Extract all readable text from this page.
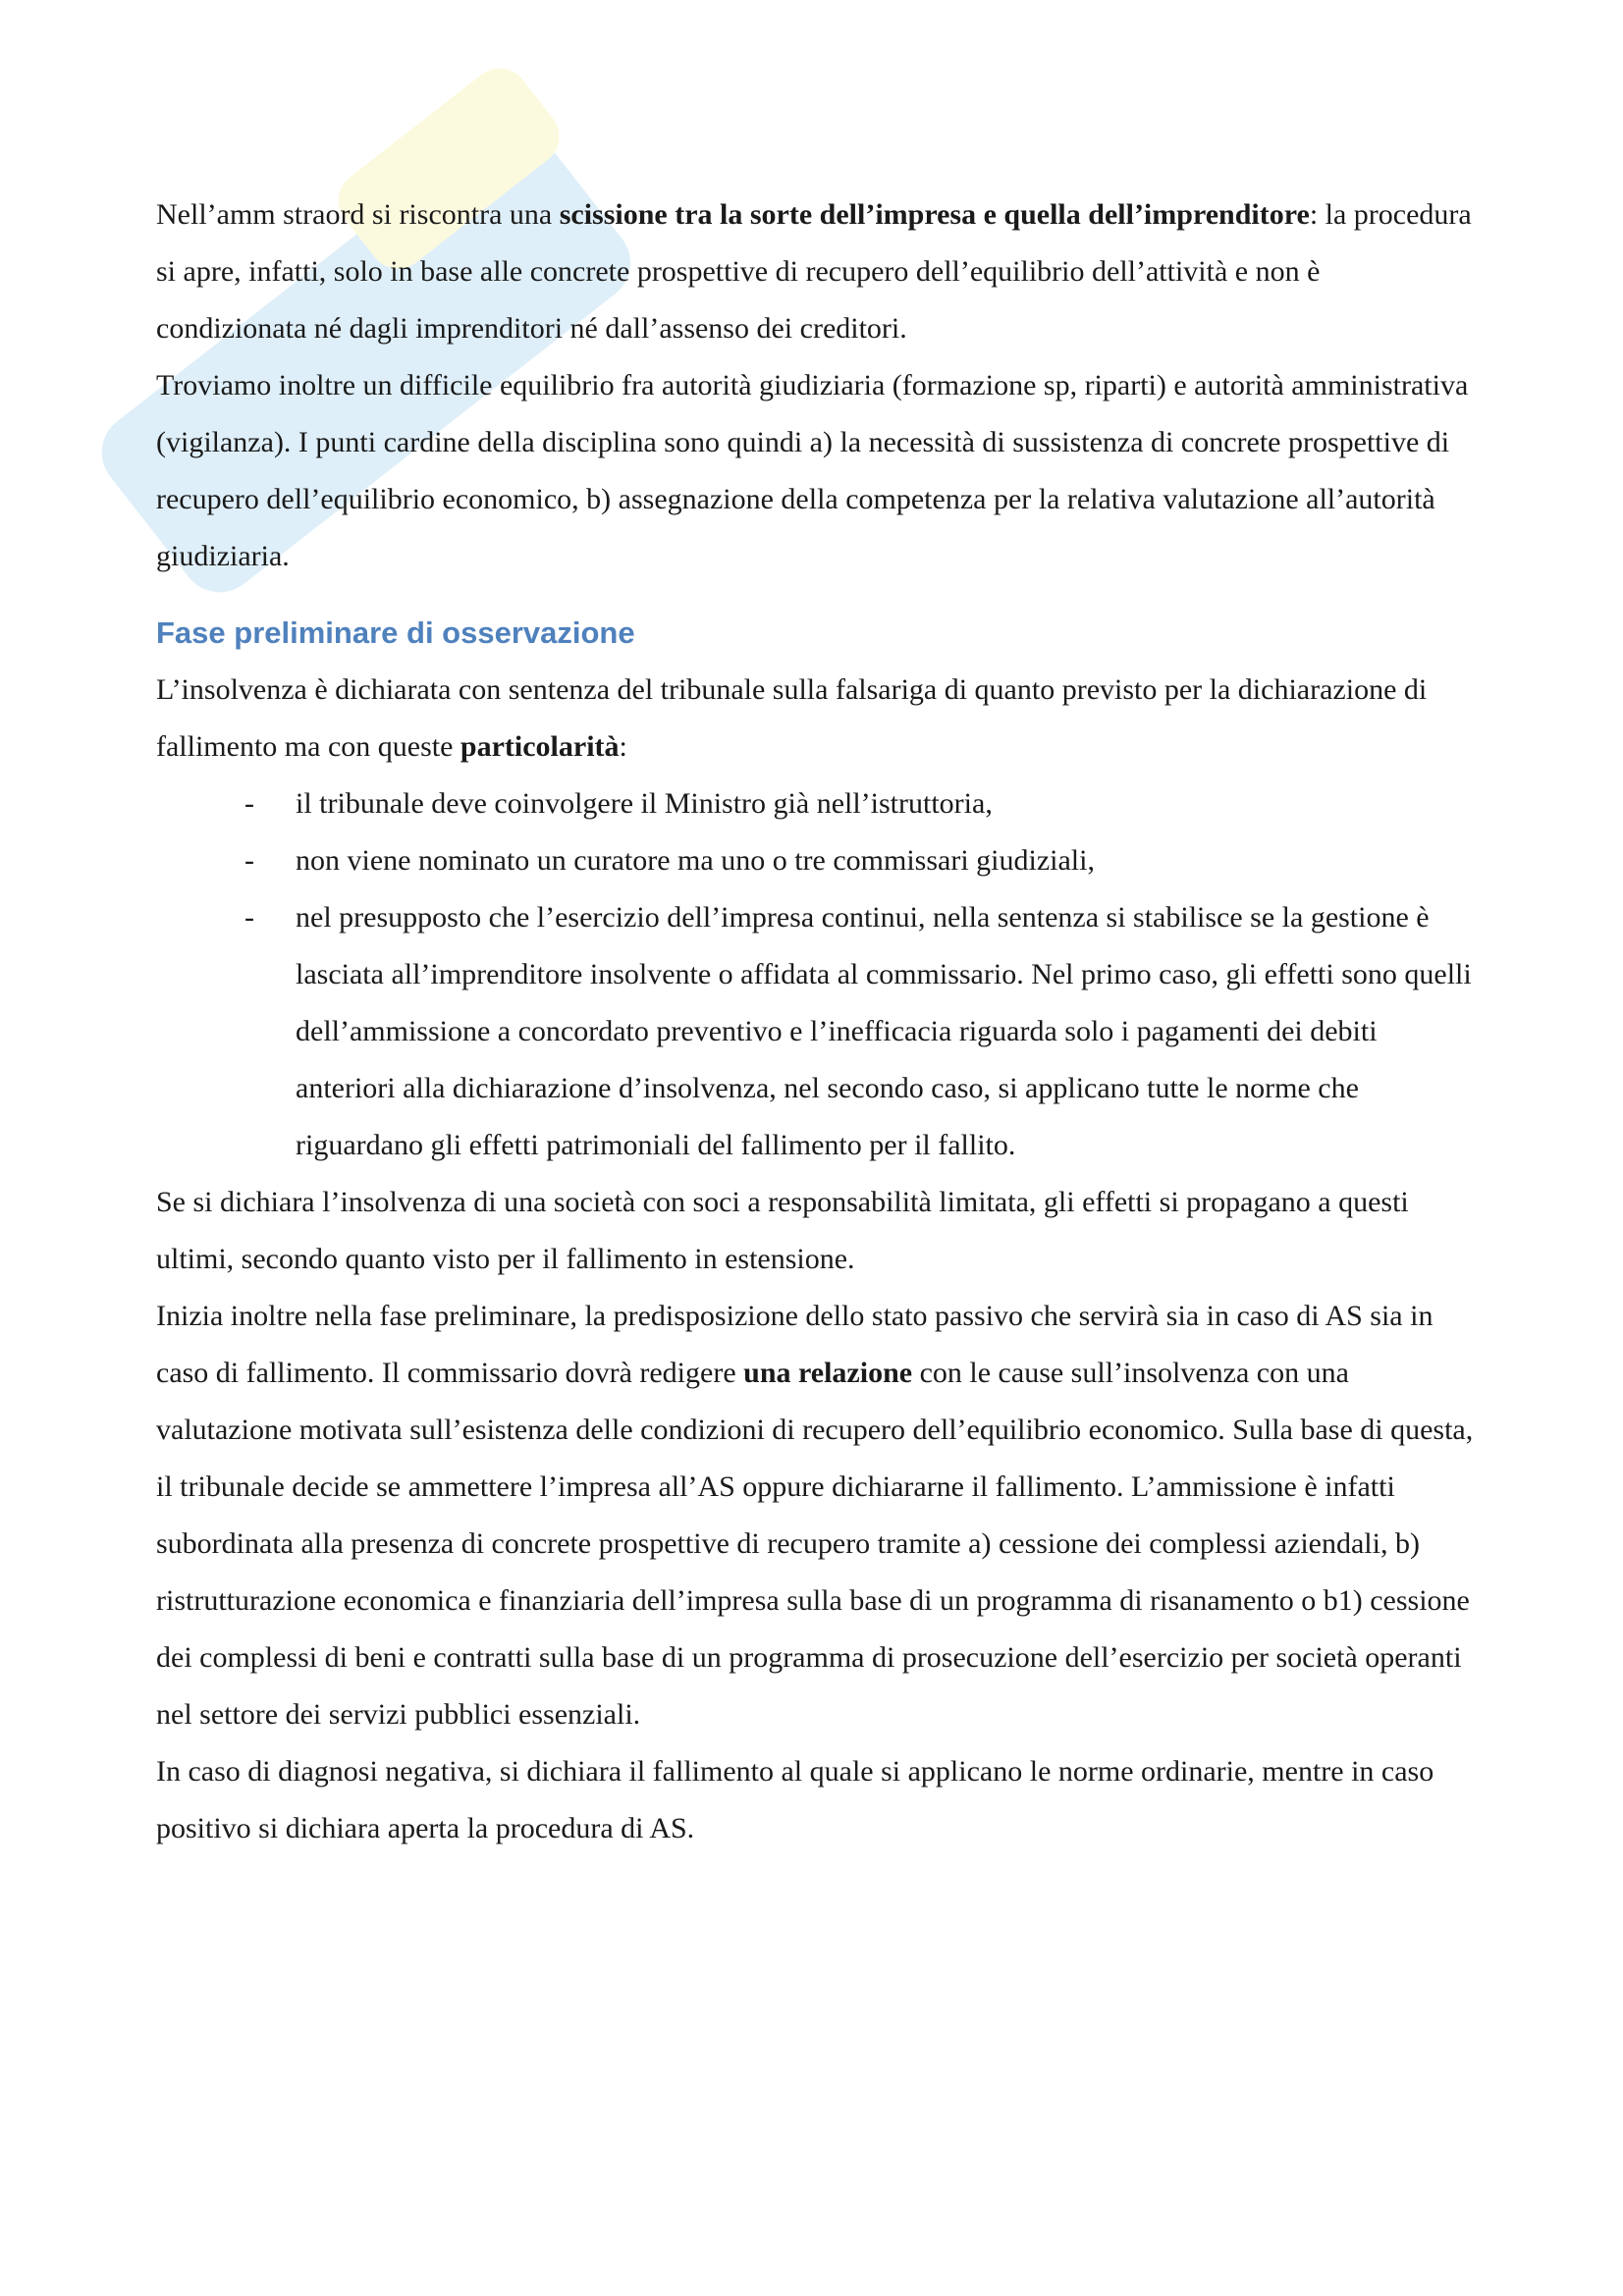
Nell’amm straord si riscontra una scissione tra la sorte dell’impresa e quella dell’imprenditore: la procedura si apre, infatti, solo in base alle concrete prospettive di recupero dell’equilibrio dell’attività e non è condizionata né dagli imprenditori né dall’assenso dei creditori.

Troviamo inoltre un difficile equilibrio fra autorità giudiziaria (formazione sp, riparti) e autorità amministrativa (vigilanza). I punti cardine della disciplina sono quindi a) la necessità di sussistenza di concrete prospettive di recupero dell’equilibrio economico, b) assegnazione della competenza per la relativa valutazione all’autorità giudiziaria.

Fase preliminare di osservazione

L’insolvenza è dichiarata con sentenza del tribunale sulla falsariga di quanto previsto per la dichiarazione di fallimento ma con queste particolarità:

- il tribunale deve coinvolgere il Ministro già nell’istruttoria,
- non viene nominato un curatore ma uno o tre commissari giudiziali,
- nel presupposto che l’esercizio dell’impresa continui, nella sentenza si stabilisce se la gestione è lasciata all’imprenditore insolvente o affidata al commissario. Nel primo caso, gli effetti sono quelli dell’ammissione a concordato preventivo e l’inefficacia riguarda solo i pagamenti dei debiti anteriori alla dichiarazione d’insolvenza, nel secondo caso, si applicano tutte le norme che riguardano gli effetti patrimoniali del fallimento per il fallito.

Se si dichiara l’insolvenza di una società con soci a responsabilità limitata, gli effetti si propagano a questi ultimi, secondo quanto visto per il fallimento in estensione.

Inizia inoltre nella fase preliminare, la predisposizione dello stato passivo che servirà sia in caso di AS sia in caso di fallimento. Il commissario dovrà redigere una relazione con le cause sull’insolvenza con una valutazione motivata sull’esistenza delle condizioni di recupero dell’equilibrio economico. Sulla base di questa, il tribunale decide se ammettere l’impresa all’AS oppure dichiararne il fallimento. L’ammissione è infatti subordinata alla presenza di concrete prospettive di recupero tramite a) cessione dei complessi aziendali, b) ristrutturazione economica e finanziaria dell’impresa sulla base di un programma di risanamento o b1) cessione dei complessi di beni e contratti sulla base di un programma di prosecuzione dell’esercizio per società operanti nel settore dei servizi pubblici essenziali.

In caso di diagnosi negativa, si dichiara il fallimento al quale si applicano le norme ordinarie, mentre in caso positivo si dichiara aperta la procedura di AS.
